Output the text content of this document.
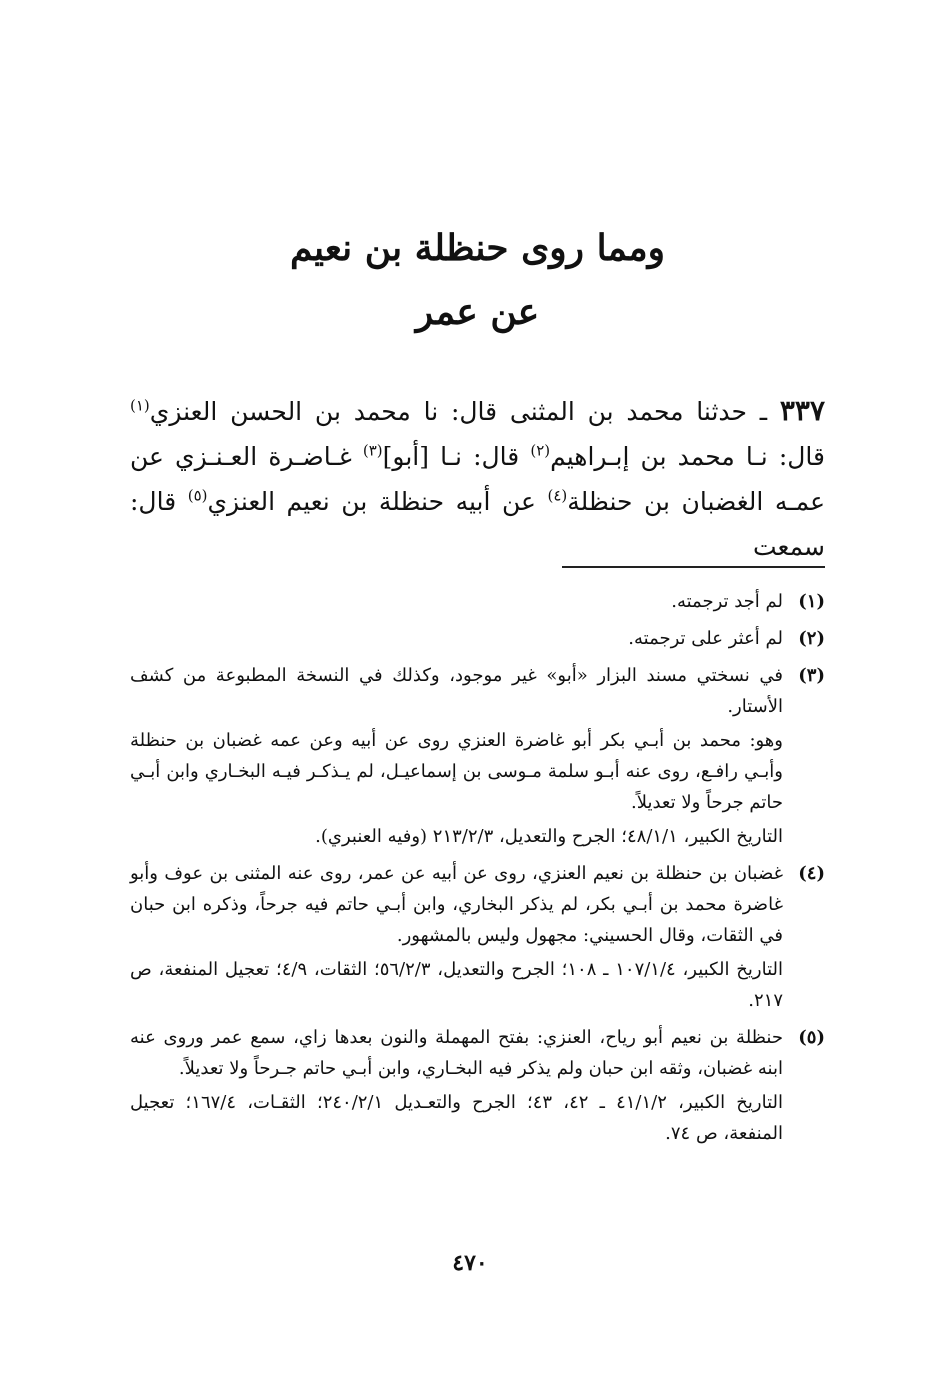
ومما روى حنظلة بن نعيم
عن عمر
٣٣٧ ـ حدثنا محمد بن المثنى قال: نا محمد بن الحسن العنزي$^{(١)}$ قال: نـا محمد بن إبـراهيم$^{(٢)}$ قال: نـا [أبو]$^{(٣)}$ غـاضـرة العـنـزي عن عمـه الغضبان بن حنظلة$^{(٤)}$ عن أبيه حنظلة بن نعيم العنزي$^{(٥)}$ قال: سمعت
(١)

لم أجد ترجمته.

(٢)

لم أعثر على ترجمته.

(٣)

في نسختي مسند البزار «أبو» غير موجود، وكذلك في النسخة المطبوعة من كشف الأستار.

وهو: محمد بن أبـي بكر أبو غاضرة العنزي روى عن أبيه وعن عمه غضبان بن حنظلة وأبـي رافـع، روى عنه أبـو سلمة مـوسى بن إسماعيـل، لم يـذكـر فيـه البخـاري وابن أبـي حاتم جرحاً ولا تعديلاً.

التاريخ الكبير، ٤٨/١/١؛ الجرح والتعديل، ٢١٣/٢/٣ (وفيه العنبري).

(٤)

غضبان بن حنظلة بن نعيم العنزي، روى عن أبيه عن عمر، روى عنه المثنى بن عوف وأبو غاضرة محمد بن أبـي بكر، لم يذكر البخاري، وابن أبـي حاتم فيه جرحاً، وذكره ابن حبان في الثقات، وقال الحسيني: مجهول وليس بالمشهور.

التاريخ الكبير، ١٠٧/١/٤ ـ ١٠٨؛ الجرح والتعديل، ٥٦/٢/٣؛ الثقات، ٤/٩؛ تعجيل المنفعة، ص ٢١٧.

(٥)

حنظلة بن نعيم أبو رياح، العنزي: بفتح المهملة والنون بعدها زاي، سمع عمر وروى عنه ابنه غضبان، وثقه ابن حبان ولم يذكر فيه البخـاري، وابن أبـي حاتم جـرحاً ولا تعديلاً.

التاريخ الكبير، ٤١/١/٢ ـ ٤٢، ٤٣؛ الجرح والتعـديل ٢٤٠/٢/١؛ الثقـات، ١٦٧/٤؛ تعجيل المنفعة، ص ٧٤.

٤٧٠
